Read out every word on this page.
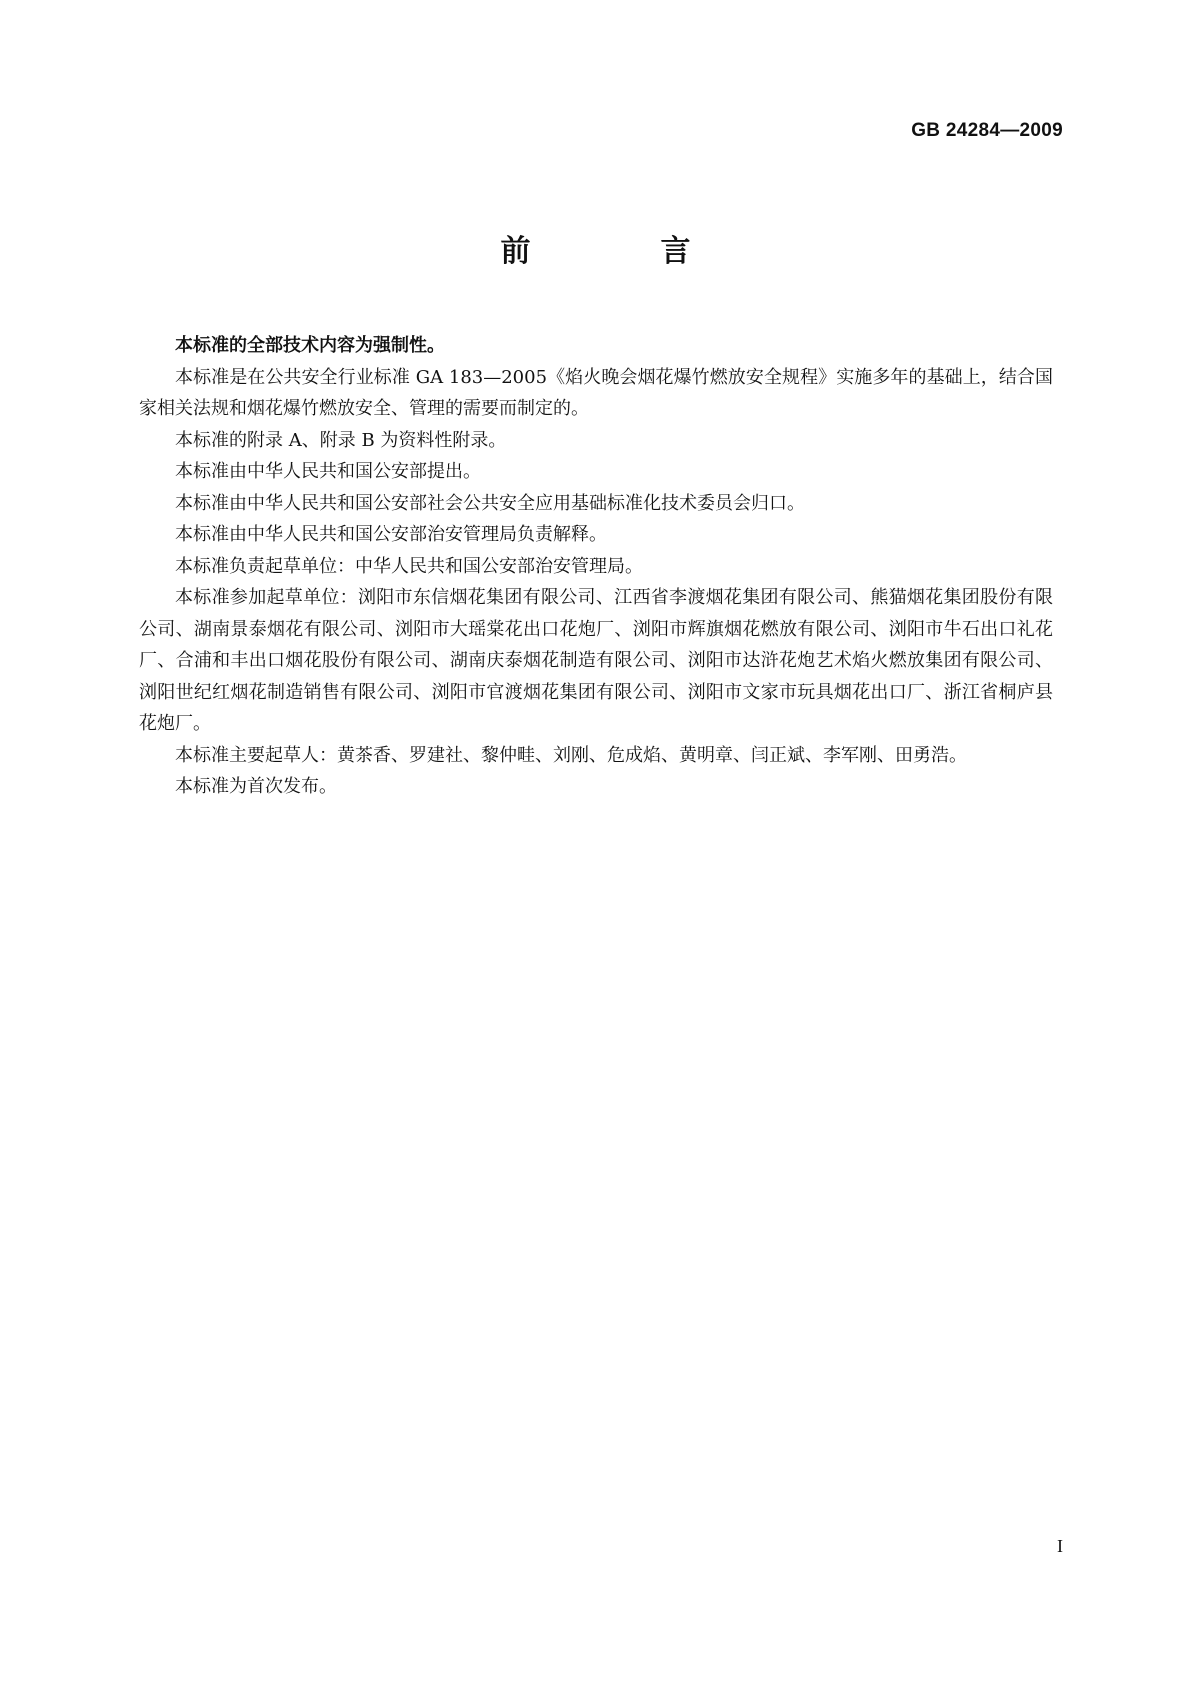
GB 24284—2009
前　言

本标准的全部技术内容为强制性。

本标准是在公共安全行业标准 GA 183—2005《焰火晚会烟花爆竹燃放安全规程》实施多年的基础上，结合国家相关法规和烟花爆竹燃放安全、管理的需要而制定的。

本标准的附录 A、附录 B 为资料性附录。

本标准由中华人民共和国公安部提出。

本标准由中华人民共和国公安部社会公共安全应用基础标准化技术委员会归口。

本标准由中华人民共和国公安部治安管理局负责解释。

本标准负责起草单位：中华人民共和国公安部治安管理局。

本标准参加起草单位：浏阳市东信烟花集团有限公司、江西省李渡烟花集团有限公司、熊猫烟花集团股份有限公司、湖南景泰烟花有限公司、浏阳市大瑶棠花出口花炮厂、浏阳市辉旗烟花燃放有限公司、浏阳市牛石出口礼花厂、合浦和丰出口烟花股份有限公司、湖南庆泰烟花制造有限公司、浏阳市达浒花炮艺术焰火燃放集团有限公司、浏阳世纪红烟花制造销售有限公司、浏阳市官渡烟花集团有限公司、浏阳市文家市玩具烟花出口厂、浙江省桐庐县花炮厂。

本标准主要起草人：黄茶香、罗建社、黎仲畦、刘刚、危成焰、黄明章、闫正斌、李军刚、田勇浩。

本标准为首次发布。

I
